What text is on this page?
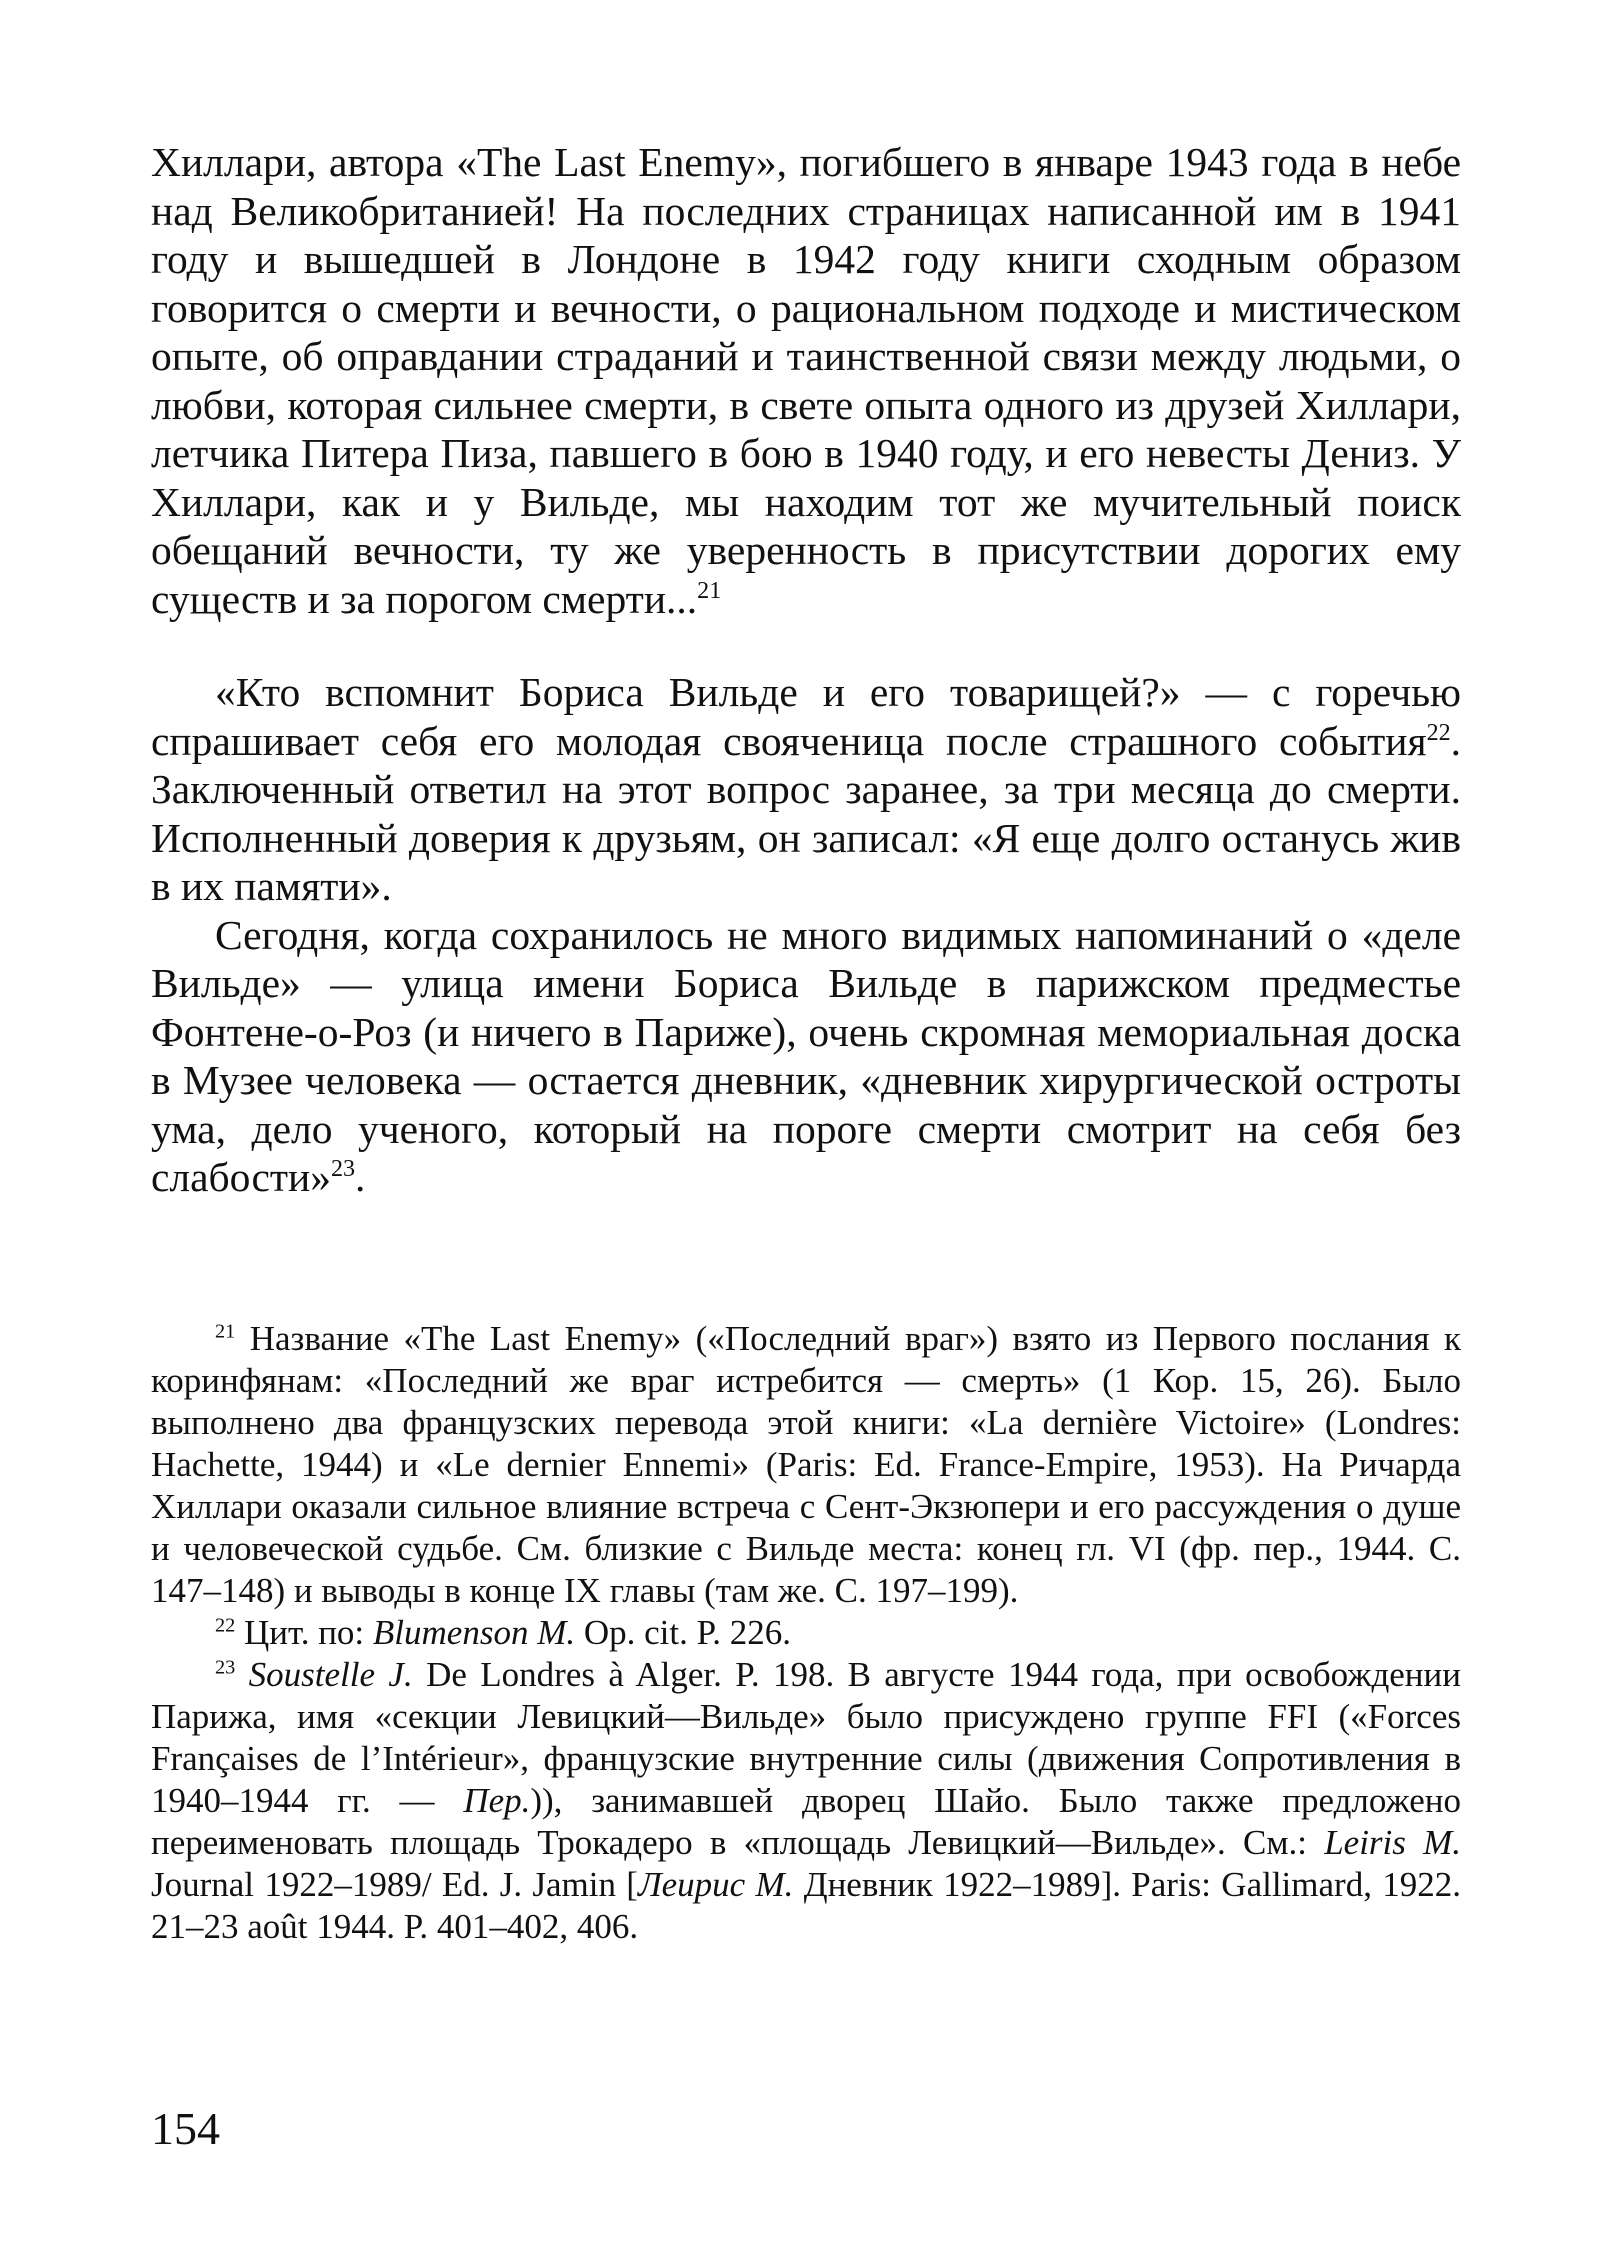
Хиллари, автора «The Last Enemy», погибшего в январе 1943 года в небе над Великобританией! На последних страницах написанной им в 1941 году и вышедшей в Лондоне в 1942 году книги сходным образом говорится о смерти и вечности, о рациональном подходе и мистическом опыте, об оправдании страданий и таинственной связи между людьми, о любви, которая сильнее смерти, в свете опыта одного из друзей Хиллари, летчика Питера Пиза, павшего в бою в 1940 году, и его невесты Дениз. У Хиллари, как и у Вильде, мы находим тот же мучительный поиск обещаний вечности, ту же уверенность в присутствии дорогих ему существ и за порогом смерти...$^{21}$

«Кто вспомнит Бориса Вильде и его товарищей?» — с горечью спрашивает себя его молодая свояченица после страшного события$^{22}$. Заключенный ответил на этот вопрос заранее, за три месяца до смерти. Исполненный доверия к друзьям, он записал: «Я еще долго останусь жив в их памяти».

Сегодня, когда сохранилось не много видимых напоминаний о «деле Вильде» — улица имени Бориса Вильде в парижском предместье Фонтене-о-Роз (и ничего в Париже), очень скромная мемориальная доска в Музее человека — остается дневник, «дневник хирургической остроты ума, дело ученого, который на пороге смерти смотрит на себя без слабости»$^{23}$.

$^{21}$ Название «The Last Enemy» («Последний враг») взято из Первого послания к коринфянам: «Последний же враг истребится — смерть» (1 Кор. 15, 26). Было выполнено два французских перевода этой книги: «La dernière Victoire» (Londres: Hachette, 1944) и «Le dernier Ennemi» (Paris: Ed. France-Empire, 1953). На Ричарда Хиллари оказали сильное влияние встреча с Сент-Экзюпери и его рассуждения о душе и человеческой судьбе. См. близкие с Вильде места: конец гл. VI (фр. пер., 1944. С. 147–148) и выводы в конце IX главы (там же. С. 197–199).

$^{22}$ Цит. по: Blumenson M. Op. cit. P. 226.

$^{23}$ Soustelle J. De Londres à Alger. P. 198. В августе 1944 года, при освобождении Парижа, имя «секции Левицкий—Вильде» было присуждено группе FFI («Forces Françaises de l’Intérieur», французские внутренние силы (движения Сопротивления в 1940–1944 гг. — Пер.)), занимавшей дворец Шайо. Было также предложено переименовать площадь Трокадеро в «площадь Левицкий—Вильде». См.: Leiris M. Journal 1922–1989/ Ed. J. Jamin [Леирис М. Дневник 1922–1989]. Paris: Gallimard, 1922. 21–23 août 1944. P. 401–402, 406.

154
